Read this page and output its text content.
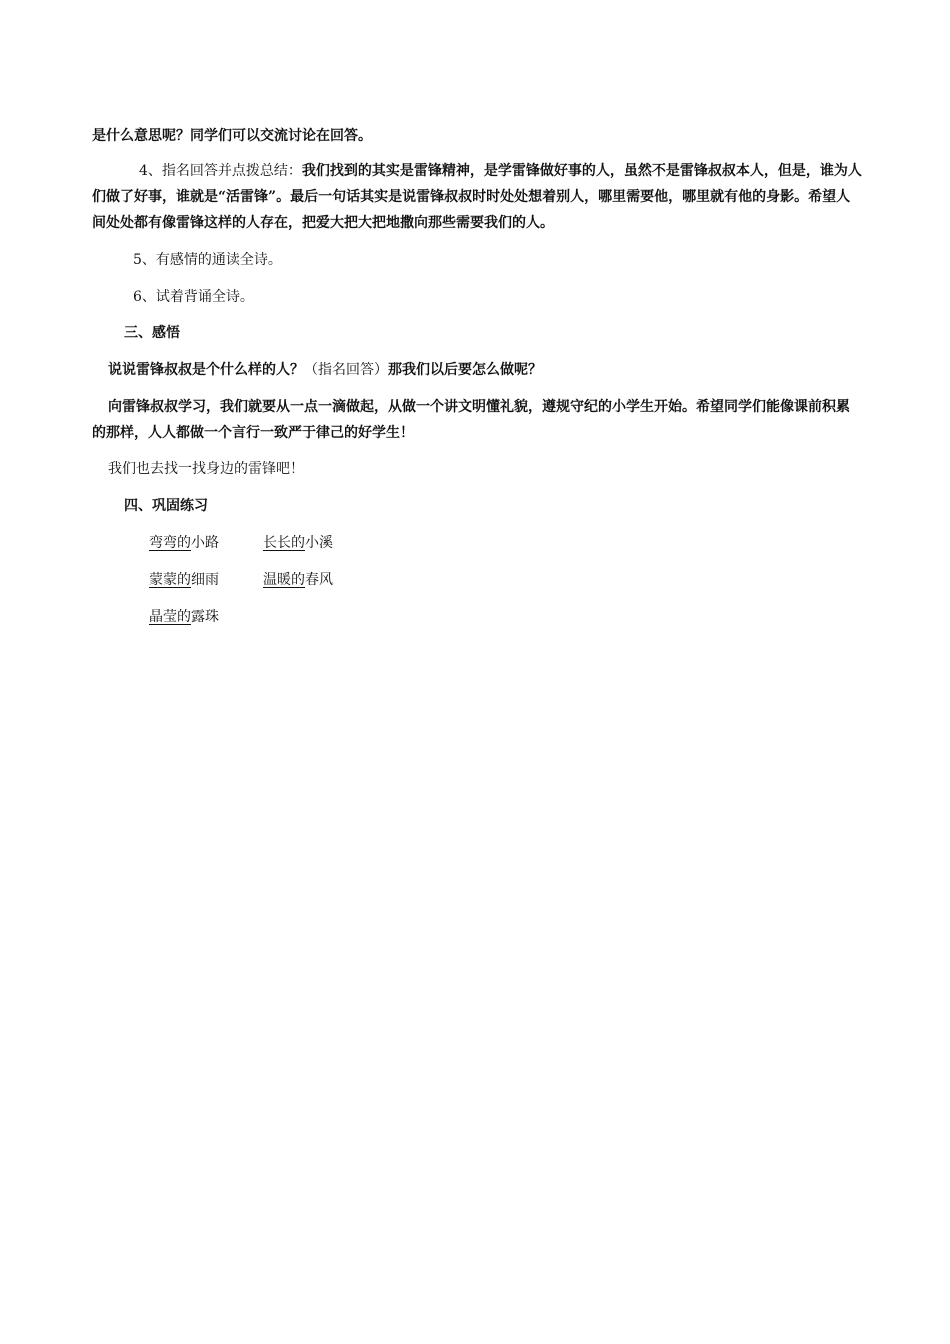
是什么意思呢？同学们可以交流讨论在回答。
4、指名回答并点拨总结：我们找到的其实是雷锋精神，是学雷锋做好事的人，虽然不是雷锋叔叔本人，但是，谁为人们做了好事，谁就是“活雷锋”。最后一句话其实是说雷锋叔叔时时处处想着别人，哪里需要他，哪里就有他的身影。希望人间处处都有像雷锋这样的人存在，把爱大把大把地撒向那些需要我们的人。
5、有感情的通读全诗。
6、试着背诵全诗。
三、感悟
说说雷锋叔叔是个什么样的人？（指名回答）那我们以后要怎么做呢？
向雷锋叔叔学习，我们就要从一点一滴做起，从做一个讲文明懂礼貌，遵规守纪的小学生开始。希望同学们能像课前积累的那样，人人都做一个言行一致严于律己的好学生！
我们也去找一找身边的雷锋吧！
四、巩固练习
弯弯的小路	长长的小溪
蒙蒙的细雨	温暖的春风
晶莹的露珠
